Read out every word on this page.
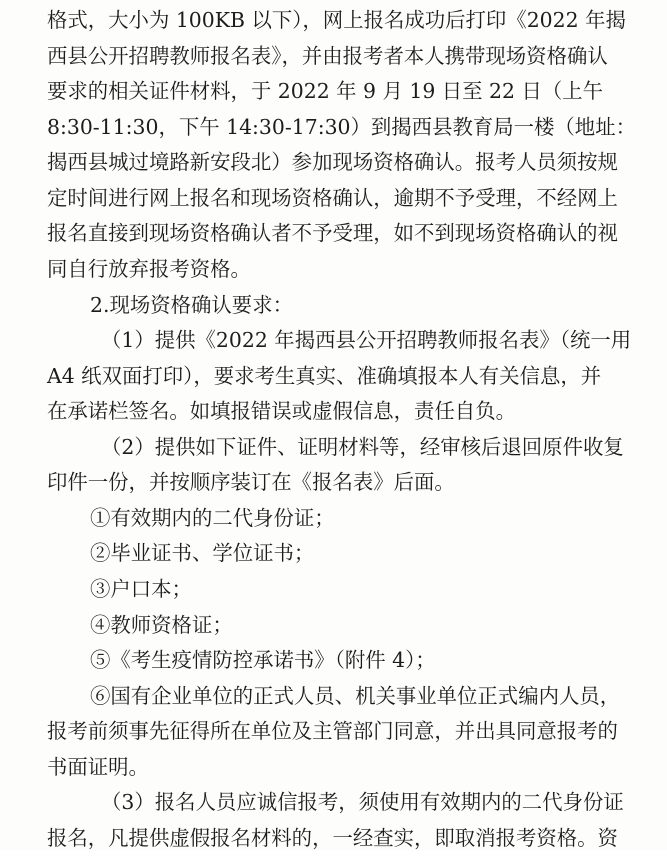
格式，大小为 100KB 以下），网上报名成功后打印《2022 年揭
西县公开招聘教师报名表》，并由报考者本人携带现场资格确认
要求的相关证件材料，于 2022 年 9 月 19 日至 22 日（上午
8:30-11:30，下午 14:30-17:30）到揭西县教育局一楼（地址：
揭西县城过境路新安段北）参加现场资格确认。报考人员须按规
定时间进行网上报名和现场资格确认，逾期不予受理，不经网上
报名直接到现场资格确认者不予受理，如不到现场资格确认的视
同自行放弃报考资格。
2.现场资格确认要求：
（1）提供《2022 年揭西县公开招聘教师报名表》（统一用
A4 纸双面打印），要求考生真实、准确填报本人有关信息，并
在承诺栏签名。如填报错误或虚假信息，责任自负。
（2）提供如下证件、证明材料等，经审核后退回原件收复
印件一份，并按顺序装订在《报名表》后面。
①有效期内的二代身份证；
②毕业证书、学位证书；
③户口本；
④教师资格证；
⑤《考生疫情防控承诺书》（附件 4）；
⑥国有企业单位的正式人员、机关事业单位正式编内人员，
报考前须事先征得所在单位及主管部门同意，并出具同意报考的
书面证明。
（3）报名人员应诚信报考，须使用有效期内的二代身份证
报名，凡提供虚假报名材料的，一经查实，即取消报考资格。资
